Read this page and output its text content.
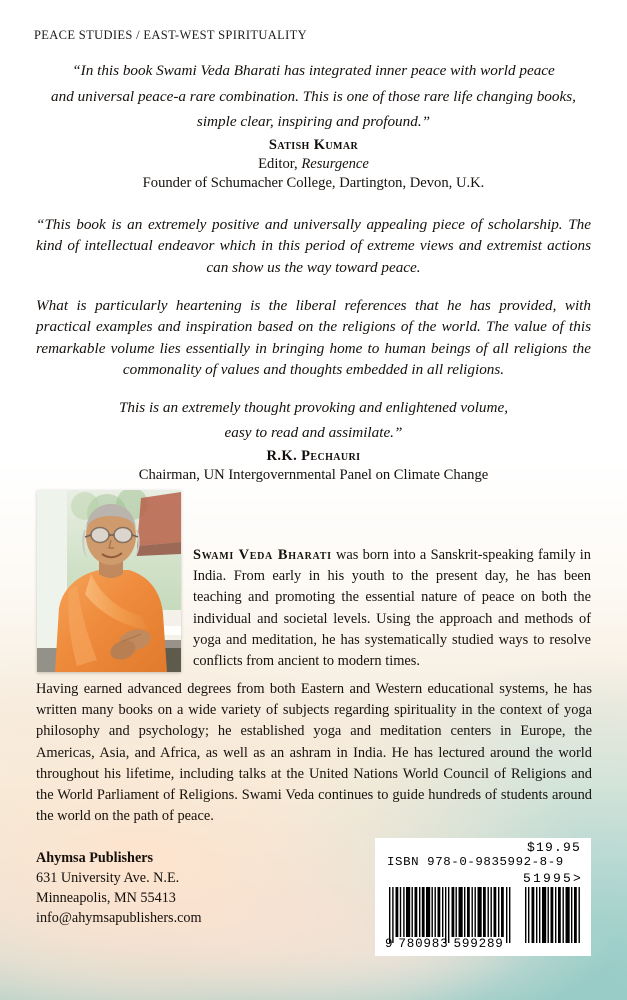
PEACE STUDIES / EAST-WEST SPIRITUALITY

“In this book Swami Veda Bharati has integrated inner peace with world peace

and universal peace-a rare combination. This is one of those rare life changing books,

simple clear, inspiring and profound.”

Satish Kumar

Editor, Resurgence

Founder of Schumacher College, Dartington, Devon, U.K.

“This book is an extremely positive and universally appealing piece of scholarship. The kind of intellectual endeavor which in this period of extreme views and extremist actions can show us the way toward peace.

What is particularly heartening is the liberal references that he has provided, with practical examples and inspiration based on the religions of the world. The value of this remarkable volume lies essentially in bringing home to human beings of all religions the commonality of values and thoughts embedded in all religions.

This is an extremely thought provoking and enlightened volume,

easy to read and assimilate.”

R.K. Pechauri

Chairman, UN Intergovernmental Panel on Climate Change

Swami Veda Bharati was born into a Sanskrit-speaking family in India. From early in his youth to the present day, he has been teaching and promoting the essential nature of peace on both the individual and societal levels. Using the approach and methods of yoga and meditation, he has systematically studied ways to resolve conflicts from ancient to modern times.
Having earned advanced degrees from both Eastern and Western educational systems, he has written many books on a wide variety of subjects regarding spirituality in the context of yoga philosophy and psychology; he established yoga and meditation centers in Europe, the Americas, Asia, and Africa, as well as an ashram in India. He has lectured around the world throughout his lifetime, including talks at the United Nations World Council of Religions and the World Parliament of Religions. Swami Veda continues to guide hundreds of students around the world on the path of peace.
Ahymsa Publishers
631 University Ave. N.E.
Minneapolis, MN 55413
info@ahymsapublishers.com
$19.95
ISBN 978-0-9835992-8-9
51995>
9 780983 599289
